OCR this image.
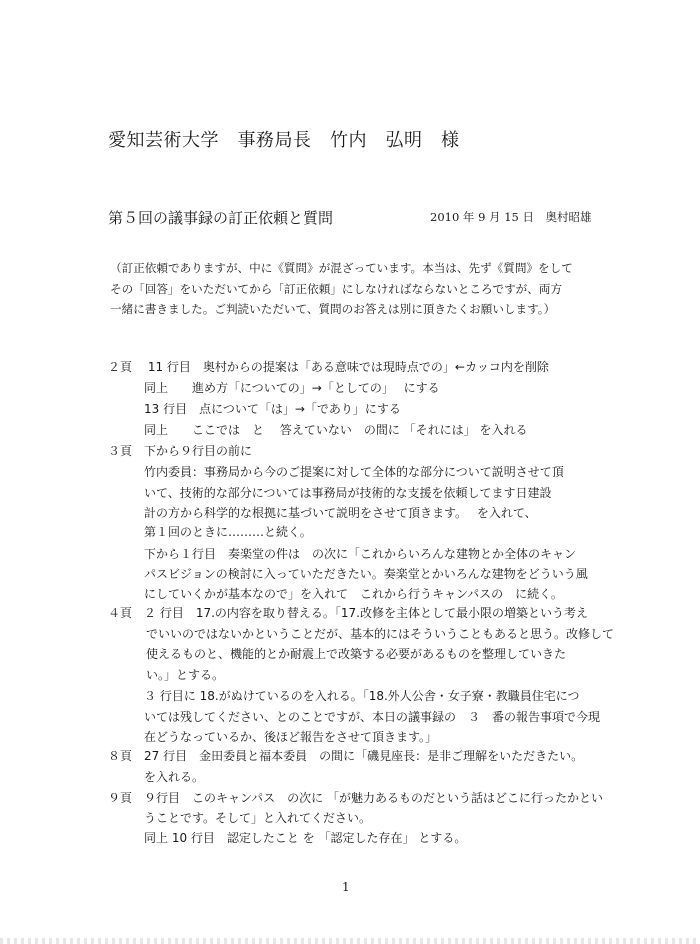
愛知芸術大学　事務局長　竹内　弘明　様
第５回の議事録の訂正依頼と質問	2010 年 9 月 15 日　奥村昭雄
（訂正依頼でありますが、中に《質問》が混ざっています。本当は、先ず《質問》をして
その「回答」をいただいてから「訂正依頼」にしなければならないところですが、両方
一緒に書きました。ご判読いただいて、質問のお答えは別に頂きたくお願いします。）
２頁　 11 行目　奥村からの提案は「ある意味では現時点での」←カッコ内を削除
同上　　進め方「についての」→「としての」　 にする
13 行目　点について「は」→「であり」にする
同上　　ここでは　と　 答えていない　の間に 「それには」 を入れる
３頁　下から９行目の前に
竹内委員：事務局から今のご提案に対して全体的な部分について説明させて頂
いて、技術的な部分については事務局が技術的な支援を依頼してます日建設
計の方から科学的な根拠に基づいて説明をさせて頂きます。　 を入れて、
第１回のときに………と続く。
下から１行目　奏楽堂の件は　の次に「これからいろんな建物とか全体のキャン
パスビジョンの検討に入っていただきたい。奏楽堂とかいろんな建物をどういう風
にしていくかが基本なので」を入れて　これから行うキャンパスの　に続く。
４頁　２ 行目　17.の内容を取り替える。「17.改修を主体として最小限の増築という考え
でいいのではないかということだが、基本的にはそういうこともあると思う。改修して
使えるものと、機能的とか耐震上で改築する必要があるものを整理していきた
い。」とする。
３ 行目に 18.がぬけているのを入れる。「18.外人公舎・女子寮・教職員住宅につ
いては残してください、とのことですが、本日の議事録の　３　番の報告事項で今現
在どうなっているか、後ほど報告をさせて頂きます。」
８頁　27 行目　金田委員と福本委員　の間に「磯見座長：是非ご理解をいただきたい。
を入れる。
９頁　９行目　このキャンパス　の次に 「が魅力あるものだという話はどこに行ったかとい
うことです。そして」と入れてください。
同上 10 行目　認定したこと を 「認定した存在」 とする。
1
